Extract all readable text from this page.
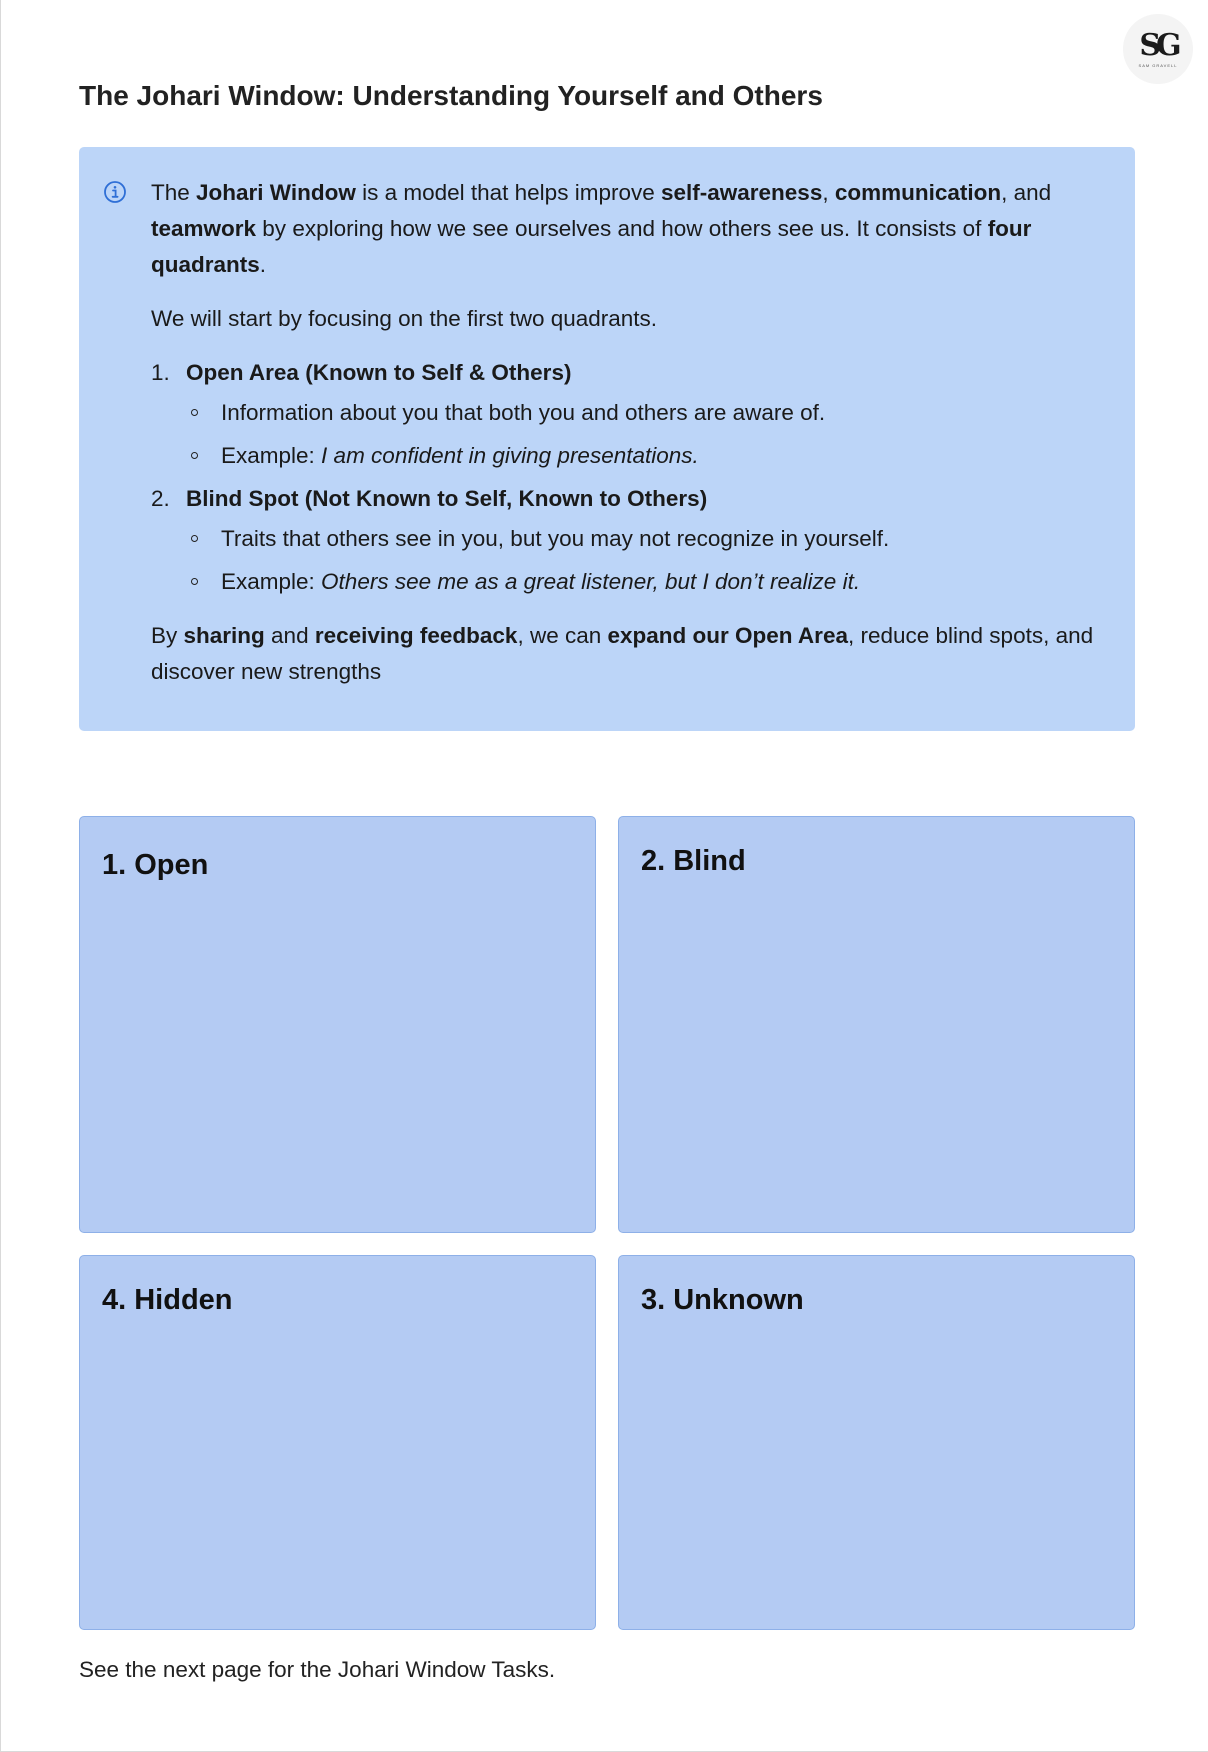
SG
SAM GRAVELL
The Johari Window: Understanding Yourself and Others

The Johari Window is a model that helps improve self-awareness, communication, and teamwork by exploring how we see ourselves and how others see us. It consists of four quadrants.

We will start by focusing on the first two quadrants.

1. Open Area (Known to Self & Others)
Information about you that both you and others are aware of.
Example: I am confident in giving presentations.
2. Blind Spot (Not Known to Self, Known to Others)
Traits that others see in you, but you may not recognize in yourself.
Example: Others see me as a great listener, but I don’t realize it.

By sharing and receiving feedback, we can expand our Open Area, reduce blind spots, and discover new strengths

1. Open	2. Blind
4. Hidden	3. Unknown

See the next page for the Johari Window Tasks.
